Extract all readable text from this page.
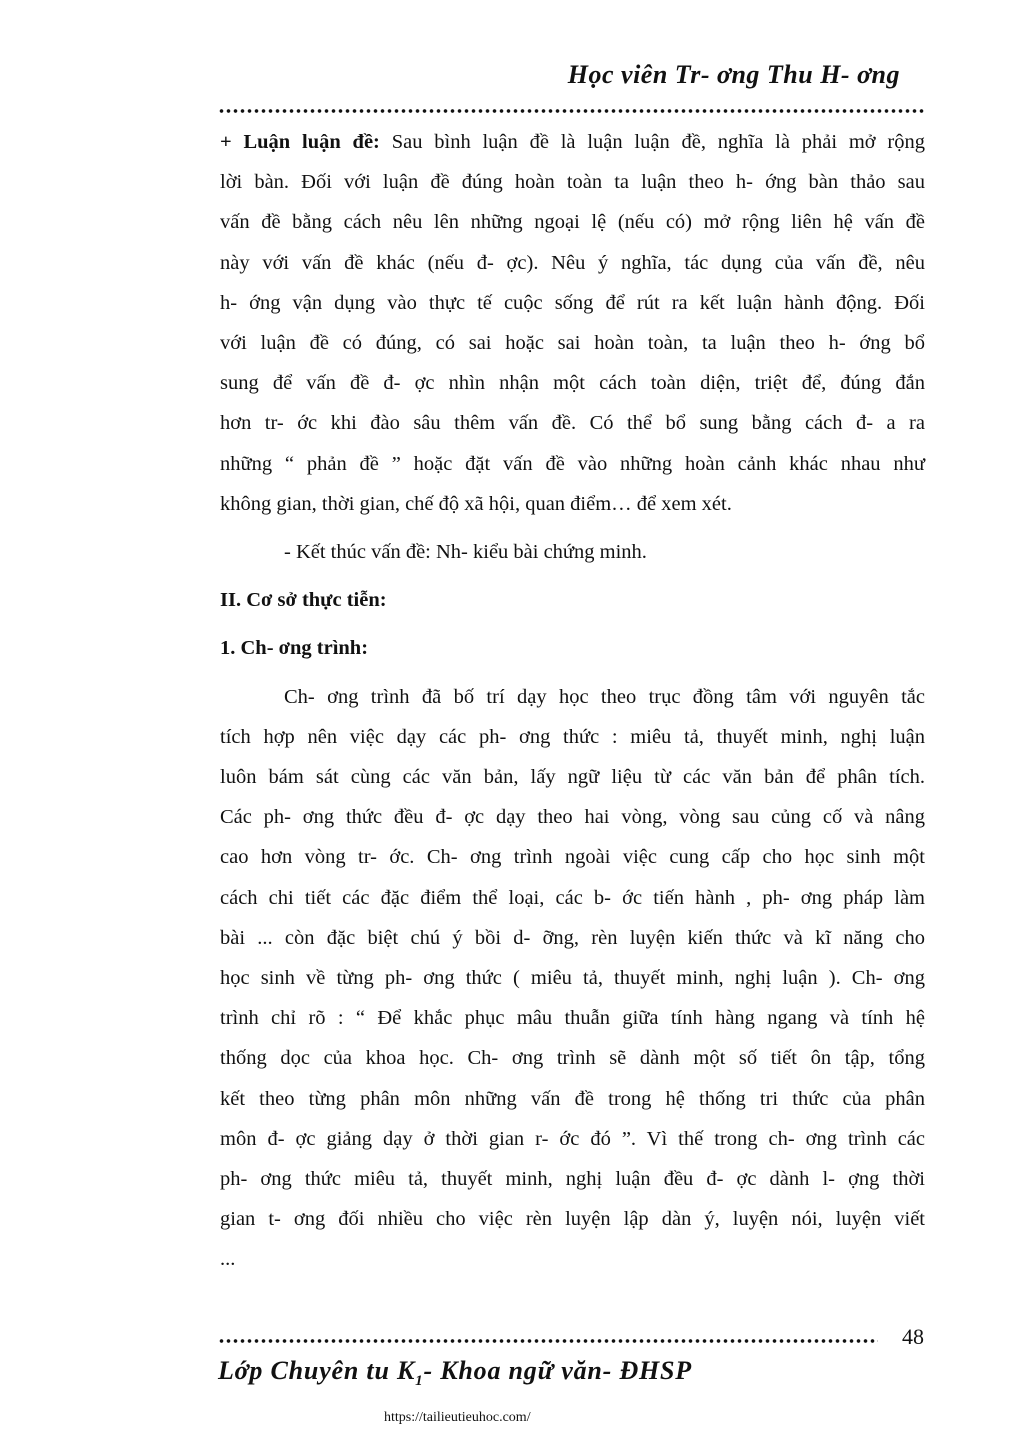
Học viên Tr- ơng Thu H- ơng

+ Luận luận đề: Sau bình luận đề là luận luận đề, nghĩa là phải mở rộng
lời bàn. Đối với luận đề đúng hoàn toàn ta luận theo h- ớng bàn thảo sau
vấn đề bằng cách nêu lên những ngoại lệ (nếu có) mở rộng liên hệ vấn đề
này với vấn đề khác (nếu đ- ợc). Nêu ý nghĩa, tác dụng của vấn đề, nêu
h- ớng vận dụng vào thực tế cuộc sống để rút ra kết luận hành động. Đối
với luận đề có đúng, có sai hoặc sai hoàn toàn, ta luận theo h- ớng bổ
sung để vấn đề đ- ợc nhìn nhận một cách toàn diện, triệt để, đúng đắn
hơn tr- ớc khi đào sâu thêm vấn đề. Có thể bổ sung bằng cách đ- a ra
những “ phản đề ” hoặc đặt vấn đề vào những hoàn cảnh khác nhau như
không gian, thời gian, chế độ xã hội, quan điểm… để xem xét.

- Kết thúc vấn đề: Nh- kiểu bài chứng minh.

II. Cơ sở thực tiễn:

1. Ch- ơng trình:

Ch- ơng trình đã bố trí dạy học theo trục đồng tâm với nguyên tắc
tích hợp nên việc dạy các ph- ơng thức : miêu tả, thuyết minh, nghị luận
luôn bám sát cùng các văn bản, lấy ngữ liệu từ các văn bản để phân tích.
Các ph- ơng thức đều đ- ợc dạy theo hai vòng, vòng sau củng cố và nâng
cao hơn vòng tr- ớc. Ch- ơng trình ngoài việc cung cấp cho học sinh một
cách chi tiết các đặc điểm thể loại, các b- ớc tiến hành , ph- ơng pháp làm
bài ... còn đặc biệt chú ý bồi d- ỡng, rèn luyện kiến thức và kĩ năng cho
học sinh về từng ph- ơng thức ( miêu tả, thuyết minh, nghị luận ). Ch- ơng
trình chỉ rõ : “ Để khắc phục mâu thuẫn giữa tính hàng ngang và tính hệ
thống dọc của khoa học. Ch- ơng trình sẽ dành một số tiết ôn tập, tổng
kết theo từng phân môn những vấn đề trong hệ thống tri thức của phân
môn đ- ợc giảng dạy ở thời gian r- ớc đó ”. Vì thế trong ch- ơng trình các
ph- ơng thức miêu tả, thuyết minh, nghị luận đều đ- ợc dành l- ợng thời
gian t- ơng đối nhiều cho việc rèn luyện lập dàn ý, luyện nói, luyện viết
...

48
Lớp Chuyên tu $K_1-$ Khoa ngữ văn- ĐHSP
https://tailieutieuhoc.com/
